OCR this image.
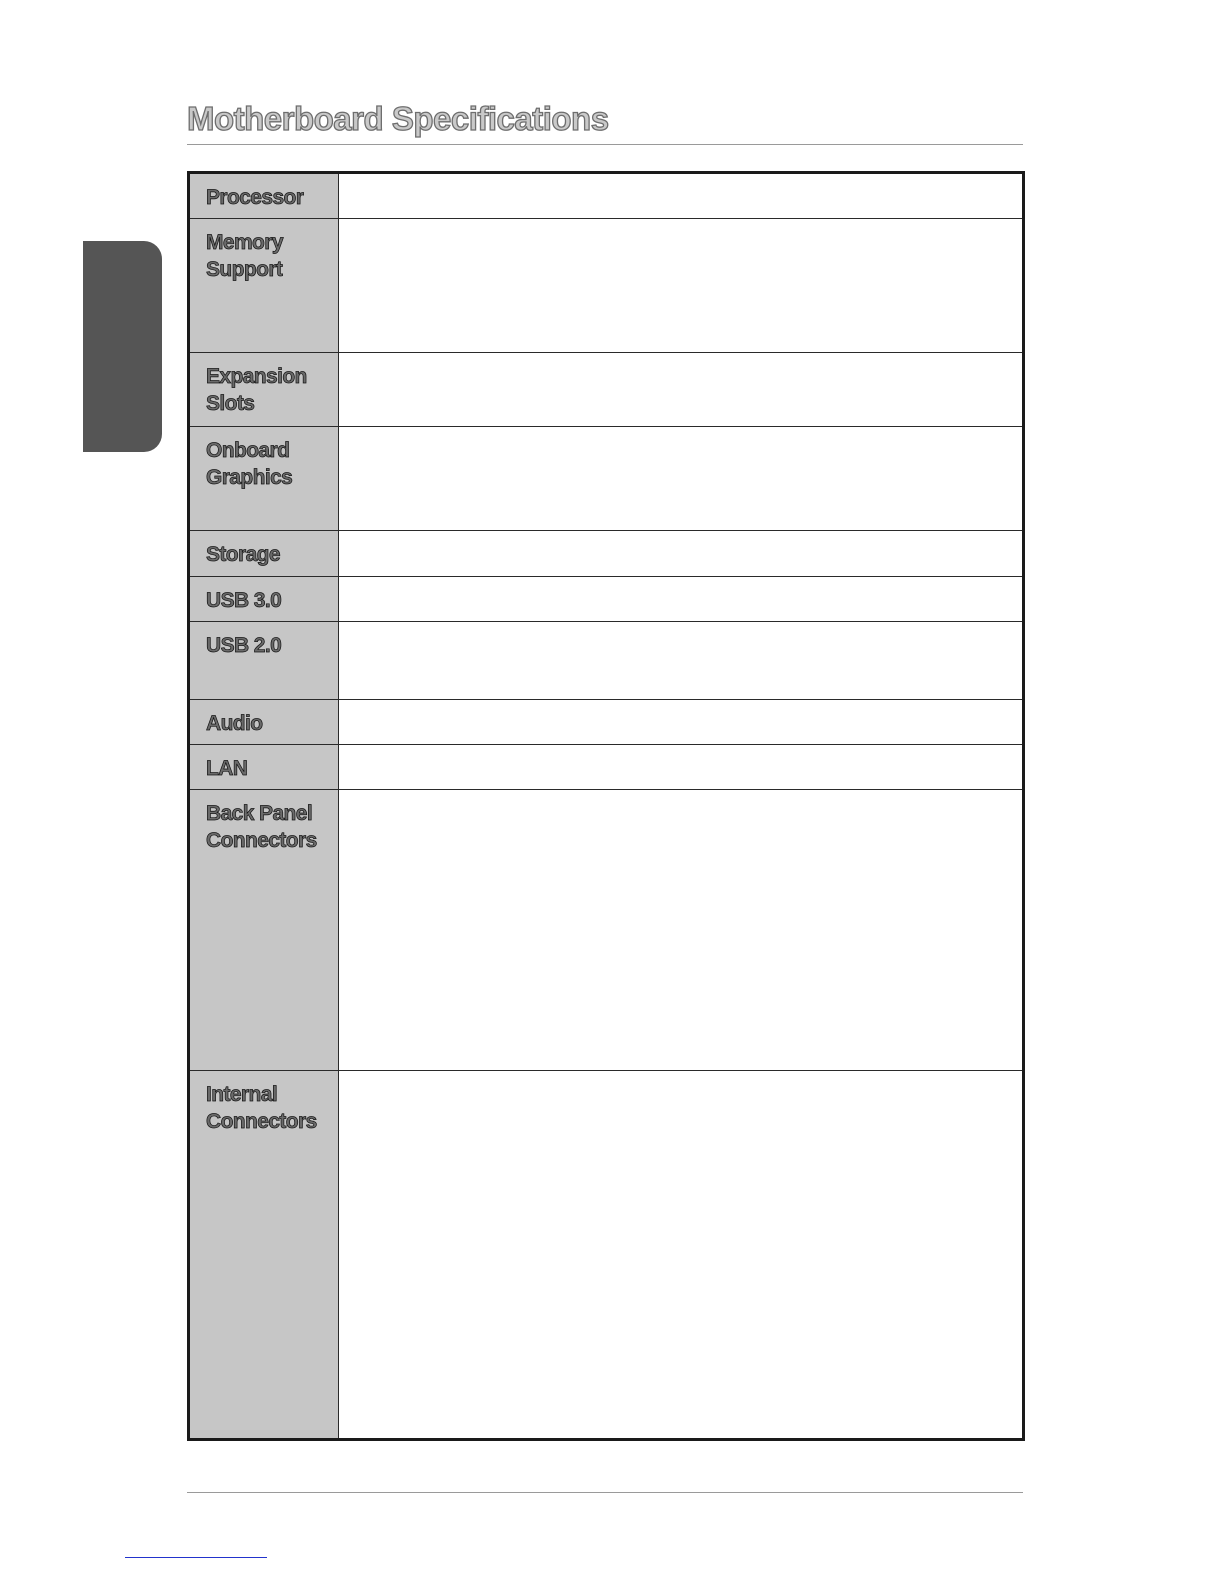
Motherboard Specifications
Processor	

Memory
Support	

Expansion
Slots	

Onboard
Graphics	

Storage	

USB 3.0	

USB 2.0	

Audio	

LAN	

Back Panel
Connectors	

Internal
Connectors	
